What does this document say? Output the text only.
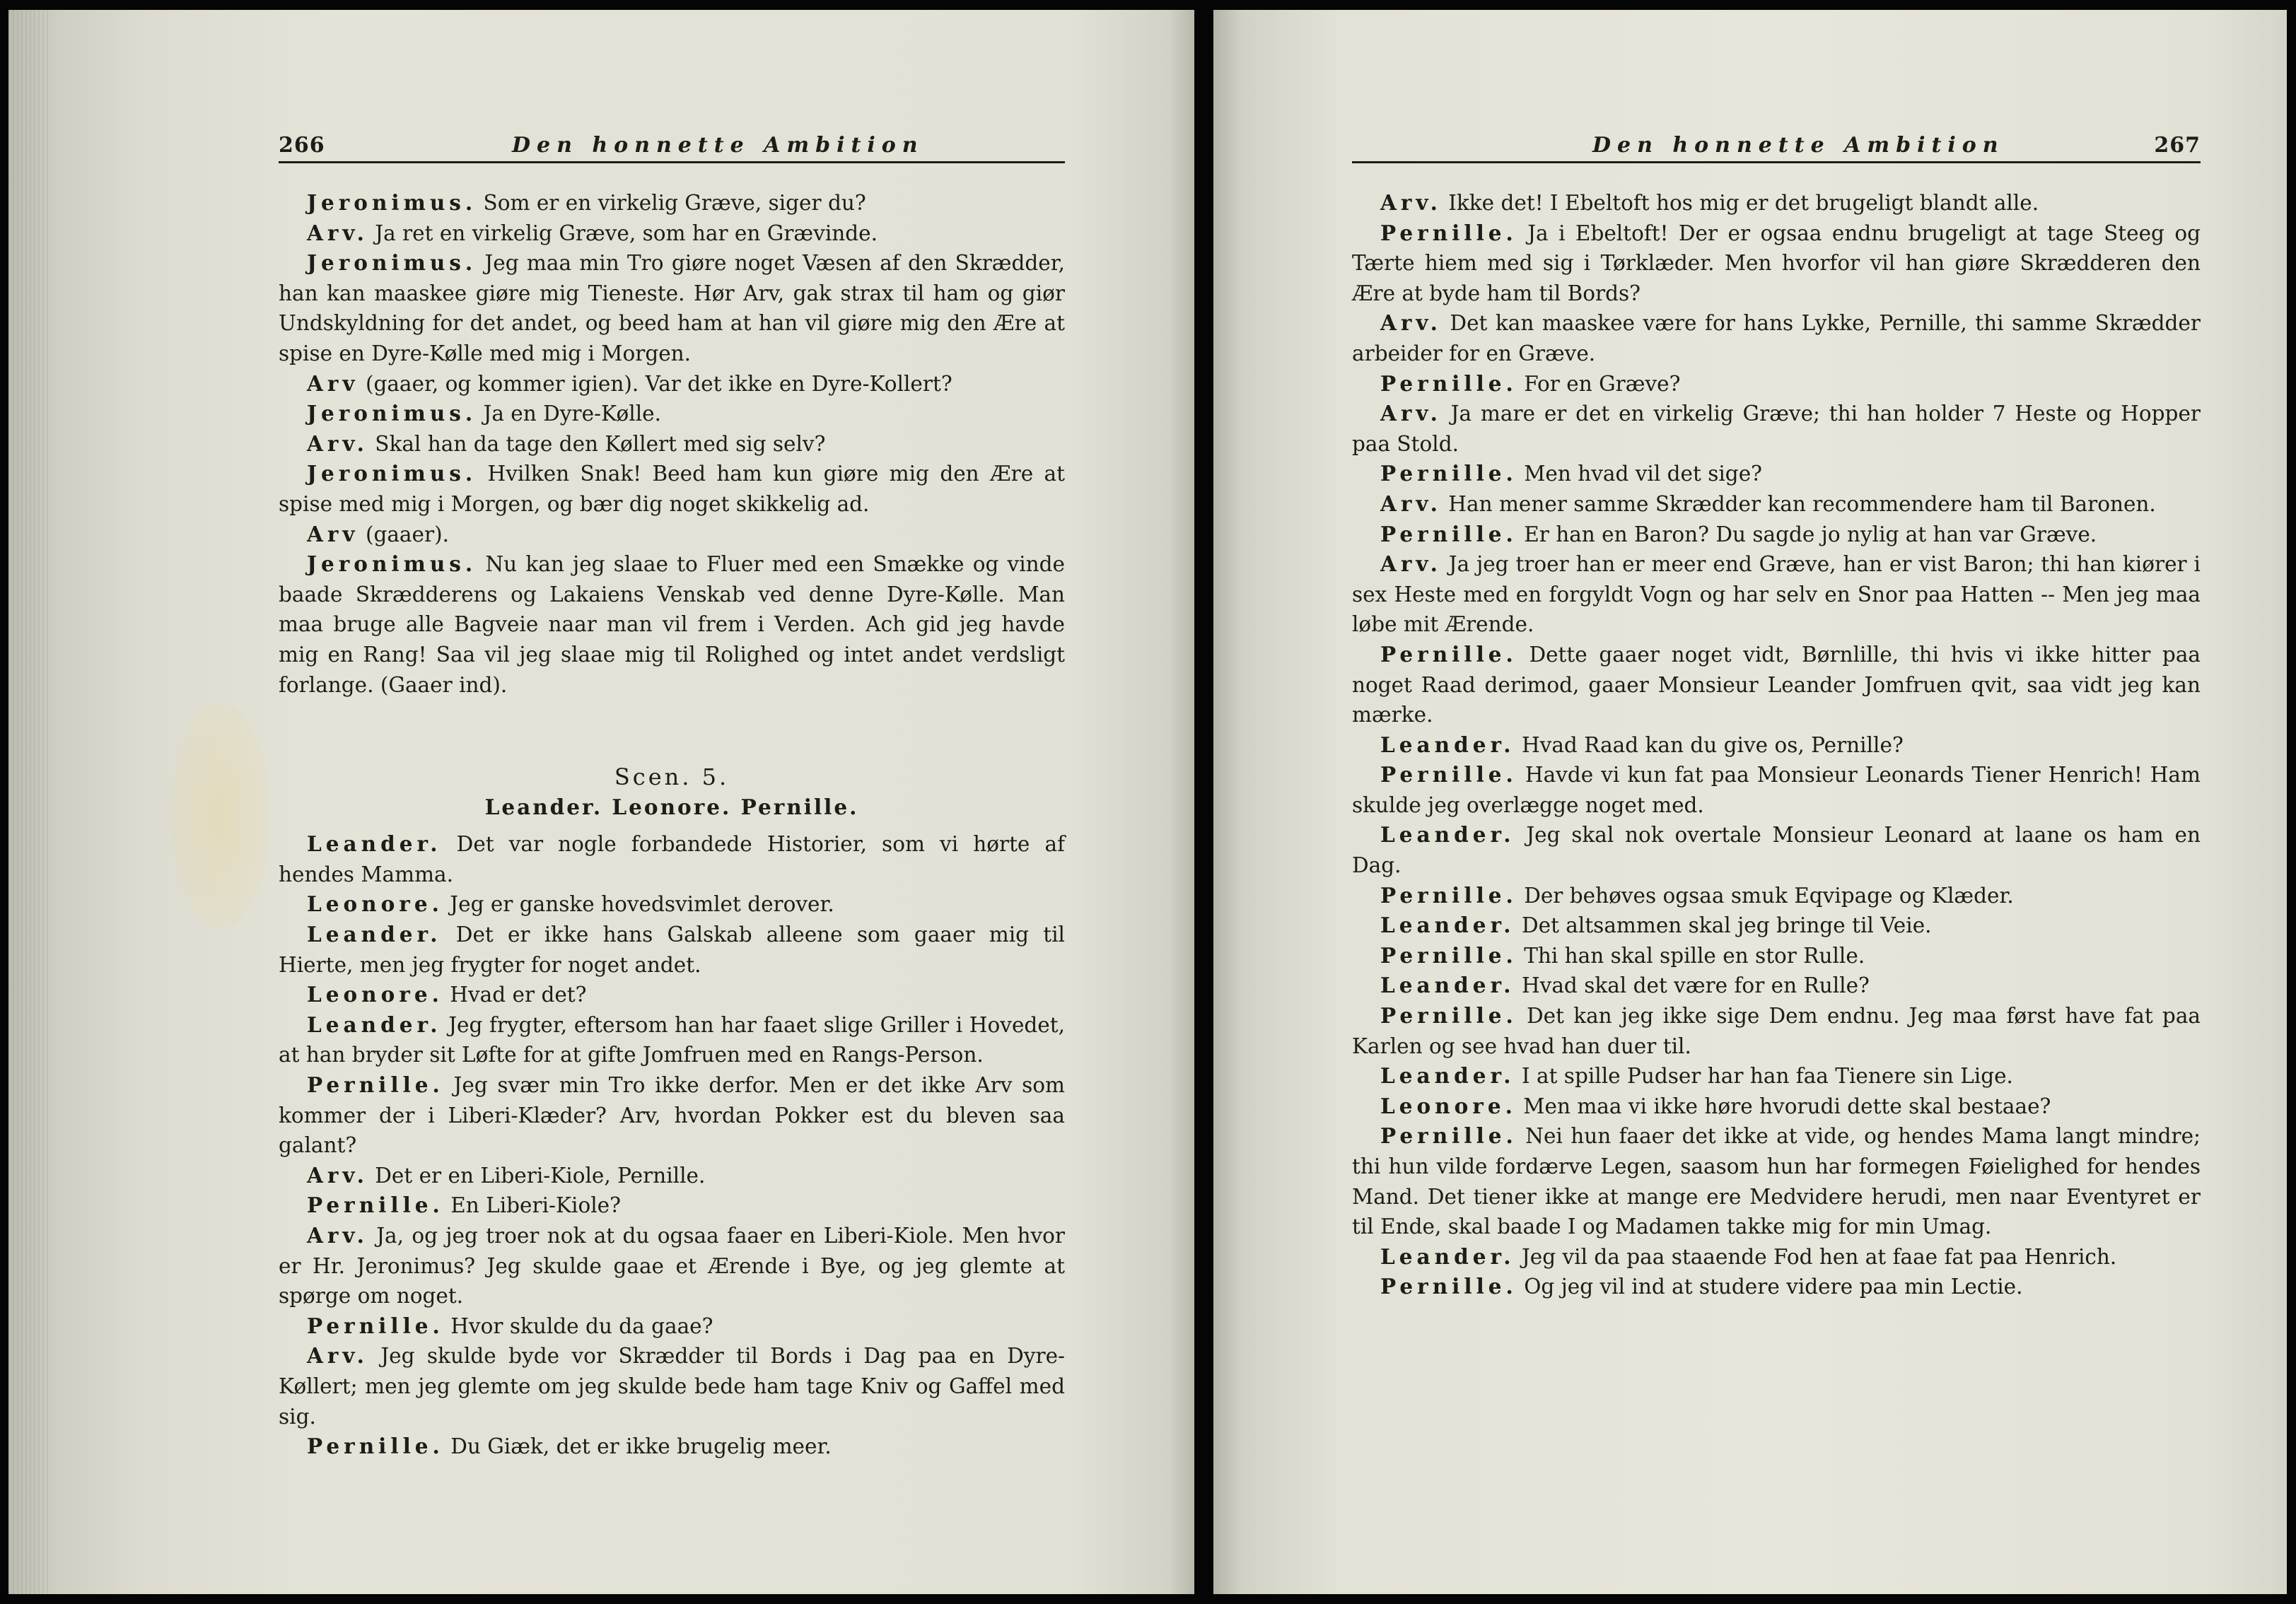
266	Den honnette Ambition

Jeronimus. Som er en virkelig Græve, siger du?

Arv. Ja ret en virkelig Græve, som har en Grævinde.

Jeronimus. Jeg maa min Tro giøre noget Væsen af den Skrædder, han kan maaskee giøre mig Tieneste. Hør Arv, gak strax til ham og giør Undskyldning for det andet, og beed ham at han vil giøre mig den Ære at spise en Dyre-Kølle med mig i Morgen.

Arv (gaaer, og kommer igien). Var det ikke en Dyre-Kollert?

Jeronimus. Ja en Dyre-Kølle.

Arv. Skal han da tage den Køllert med sig selv?

Jeronimus. Hvilken Snak! Beed ham kun giøre mig den Ære at spise med mig i Morgen, og bær dig noget skikkelig ad.

Arv (gaaer).

Jeronimus. Nu kan jeg slaae to Fluer med een Smække og vinde baade Skrædderens og Lakaiens Venskab ved denne Dyre-Kølle. Man maa bruge alle Bagveie naar man vil frem i Verden. Ach gid jeg havde mig en Rang! Saa vil jeg slaae mig til Rolighed og intet andet verdsligt forlange. (Gaaer ind).

Scen. 5.

Leander. Leonore. Pernille.

Leander. Det var nogle forbandede Historier, som vi hørte af hendes Mamma.

Leonore. Jeg er ganske hovedsvimlet derover.

Leander. Det er ikke hans Galskab alleene som gaaer mig til Hierte, men jeg frygter for noget andet.

Leonore. Hvad er det?

Leander. Jeg frygter, eftersom han har faaet slige Griller i Hovedet, at han bryder sit Løfte for at gifte Jomfruen med en Rangs-Person.

Pernille. Jeg svær min Tro ikke derfor. Men er det ikke Arv som kommer der i Liberi-Klæder? Arv, hvordan Pokker est du bleven saa galant?

Arv. Det er en Liberi-Kiole, Pernille.

Pernille. En Liberi-Kiole?

Arv. Ja, og jeg troer nok at du ogsaa faaer en Liberi-Kiole. Men hvor er Hr. Jeronimus? Jeg skulde gaae et Ærende i Bye, og jeg glemte at spørge om noget.

Pernille. Hvor skulde du da gaae?

Arv. Jeg skulde byde vor Skrædder til Bords i Dag paa en Dyre-Køllert; men jeg glemte om jeg skulde bede ham tage Kniv og Gaffel med sig.

Pernille. Du Giæk, det er ikke brugelig meer.

Den honnette Ambition	267

Arv. Ikke det! I Ebeltoft hos mig er det brugeligt blandt alle.

Pernille. Ja i Ebeltoft! Der er ogsaa endnu brugeligt at tage Steeg og Tærte hiem med sig i Tørklæder. Men hvorfor vil han giøre Skrædderen den Ære at byde ham til Bords?

Arv. Det kan maaskee være for hans Lykke, Pernille, thi samme Skrædder arbeider for en Græve.

Pernille. For en Græve?

Arv. Ja mare er det en virkelig Græve; thi han holder 7 Heste og Hopper paa Stold.

Pernille. Men hvad vil det sige?

Arv. Han mener samme Skrædder kan recommendere ham til Baronen.

Pernille. Er han en Baron? Du sagde jo nylig at han var Græve.

Arv. Ja jeg troer han er meer end Græve, han er vist Baron; thi han kiører i sex Heste med en forgyldt Vogn og har selv en Snor paa Hatten -- Men jeg maa løbe mit Ærende.

Pernille. Dette gaaer noget vidt, Børnlille, thi hvis vi ikke hitter paa noget Raad derimod, gaaer Monsieur Leander Jomfruen qvit, saa vidt jeg kan mærke.

Leander. Hvad Raad kan du give os, Pernille?

Pernille. Havde vi kun fat paa Monsieur Leonards Tiener Henrich! Ham skulde jeg overlægge noget med.

Leander. Jeg skal nok overtale Monsieur Leonard at laane os ham en Dag.

Pernille. Der behøves ogsaa smuk Eqvipage og Klæder.

Leander. Det altsammen skal jeg bringe til Veie.

Pernille. Thi han skal spille en stor Rulle.

Leander. Hvad skal det være for en Rulle?

Pernille. Det kan jeg ikke sige Dem endnu. Jeg maa først have fat paa Karlen og see hvad han duer til.

Leander. I at spille Pudser har han faa Tienere sin Lige.

Leonore. Men maa vi ikke høre hvorudi dette skal bestaae?

Pernille. Nei hun faaer det ikke at vide, og hendes Mama langt mindre; thi hun vilde fordærve Legen, saasom hun har formegen Føielighed for hendes Mand. Det tiener ikke at mange ere Medvidere herudi, men naar Eventyret er til Ende, skal baade I og Madamen takke mig for min Umag.

Leander. Jeg vil da paa staaende Fod hen at faae fat paa Henrich.

Pernille. Og jeg vil ind at studere videre paa min Lectie.
